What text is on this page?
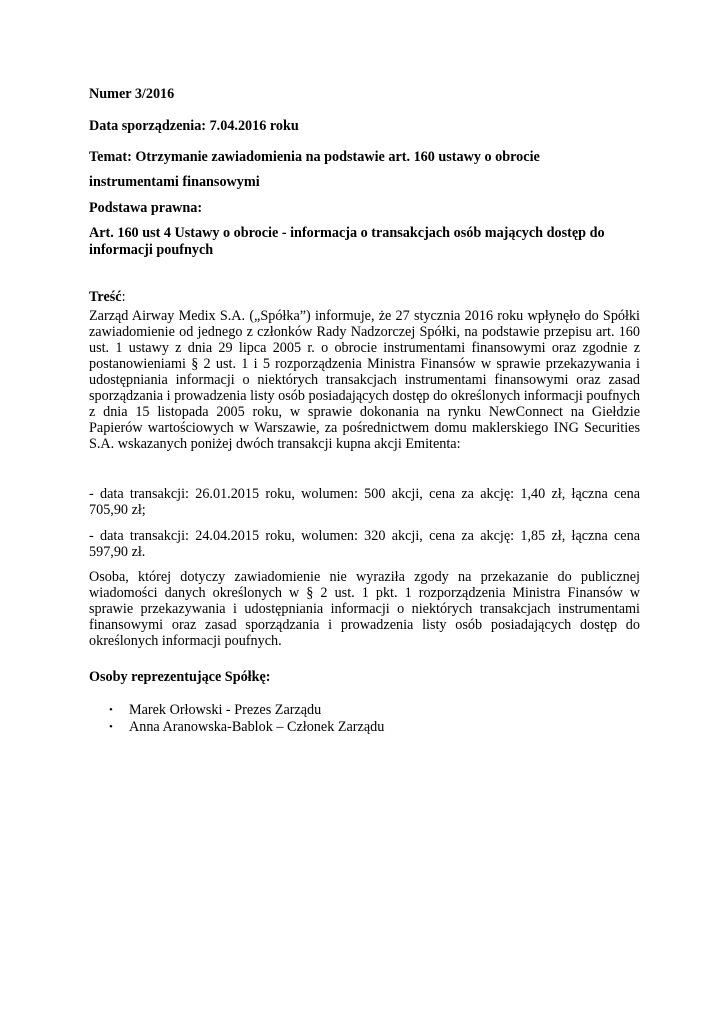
Numer 3/2016

Data sporządzenia: 7.04.2016 roku

Temat: Otrzymanie zawiadomienia na podstawie art. 160 ustawy o obrocie

instrumentami finansowymi

Podstawa prawna:

Art. 160 ust 4 Ustawy o obrocie - informacja o transakcjach osób mających dostęp do informacji poufnych

Treść:

Zarząd Airway Medix S.A. („Spółka”) informuje, że 27 stycznia 2016 roku wpłynęło do Spółki zawiadomienie od jednego z członków Rady Nadzorczej Spółki, na podstawie przepisu art. 160 ust. 1 ustawy z dnia 29 lipca 2005 r. o obrocie instrumentami finansowymi oraz zgodnie z postanowieniami § 2 ust. 1 i 5 rozporządzenia Ministra Finansów w sprawie przekazywania i udostępniania informacji o niektórych transakcjach instrumentami finansowymi oraz zasad sporządzania i prowadzenia listy osób posiadających dostęp do określonych informacji poufnych z dnia 15 listopada 2005 roku, w sprawie dokonania na rynku NewConnect na Giełdzie Papierów wartościowych w Warszawie, za pośrednictwem domu maklerskiego ING Securities S.A. wskazanych poniżej dwóch transakcji kupna akcji Emitenta:

- data transakcji: 26.01.2015 roku, wolumen: 500 akcji, cena za akcję: 1,40 zł, łączna cena 705,90 zł;

- data transakcji: 24.04.2015 roku, wolumen: 320 akcji, cena za akcję: 1,85 zł, łączna cena 597,90 zł.

Osoba, której dotyczy zawiadomienie nie wyraziła zgody na przekazanie do publicznej wiadomości danych określonych w § 2 ust. 1 pkt. 1 rozporządzenia Ministra Finansów w sprawie przekazywania i udostępniania informacji o niektórych transakcjach instrumentami finansowymi oraz zasad sporządzania i prowadzenia listy osób posiadających dostęp do określonych informacji poufnych.

Osoby reprezentujące Spółkę:

• Marek Orłowski - Prezes Zarządu
• Anna Aranowska-Bablok – Członek Zarządu
